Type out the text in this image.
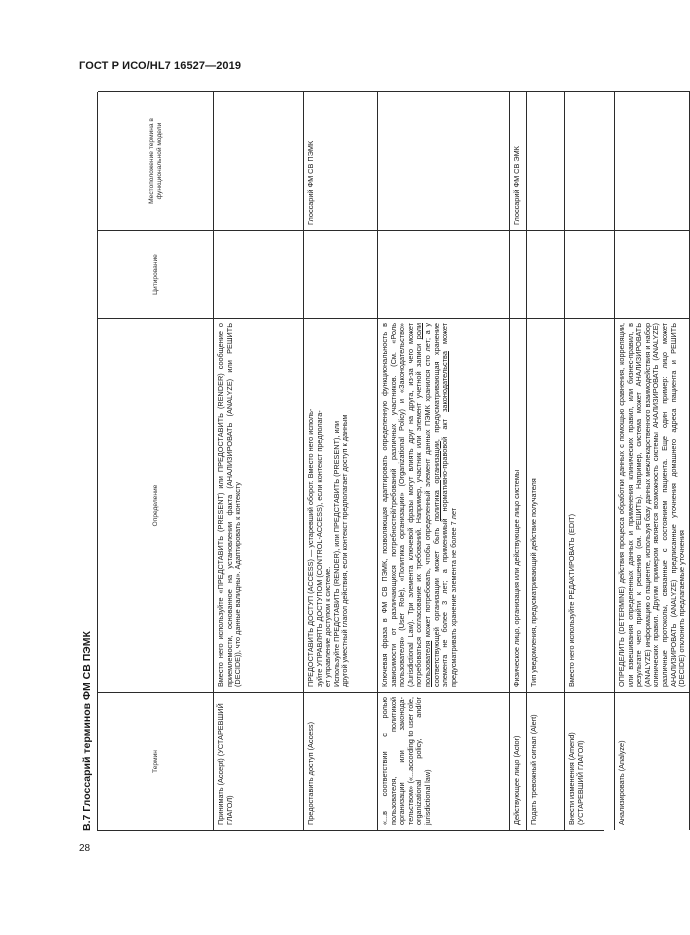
ГОСТ Р ИСО/HL7 16527—2019
В.7 Глоссарий терминов ФМ СВ ПЭМК	Термин
Определение
Цитирование
Местоположение термина в функциональной модели
Принимать (Accept) (УСТАРЕВШИЙ ГЛАГОЛ)
Вместо него используйте «ПРЕДСТАВИТЬ (PRESENT) или ПРЕДОСТАВИТЬ (RENDER) сообщение о приемлемости, основанное на установлении факта (АНАЛИЗИРОВАТЬ (ANALYZE) или РЕШИТЬ (DECIDE)), что данные валидны». Адаптировать к контексту
Предоставить доступ (Access)
ПРЕДОСТАВИТЬ ДОСТУП (ACCESS) — устаревший оборот. Вместо него исполь- зуйте УПРАВЛЯТЬ ДОСТУПОМ (CONTROL-ACCESS), если контекст предполага- ет управление доступом к системе. Используйте ПРЕДСТАВИТЬ (RENDER), или ПРЕДСТАВИТЬ (PRESENT), или другой уместный глагол действия, если контекст предполагает доступ к данным
Глоссарий ФМ СВ ПЭМК
«...в соответствии с ролью пользователя, политикой организации или законода-тельством» («...according to user role, organizational policy, and/or jurisdictional law)
Ключевая фраза в ФМ СВ ПЭМК, позволяющая адаптировать определенную функциональность в зависимости от различающихся потребностей/требований различных участников. (См. «Роль пользователя» (User Role), «Политика организации» (Organizational Policy) и «Законодательство» (Jurisdictional Law). Три элемента ключевой фразы могут влиять друг на друга, из-за чего может потребоваться согласование их требований. Например, участник или элемент учетной записи роли пользователя может потребовать, чтобы определенный элемент данных ПЭМК хранился сто лет; а у соответствующей организации может быть политика организации, предусматривающая хранение элемента не более 3 лет; а применимый нормативно-правовой акт законодательства может предусматривать хранение элемента не более 7 лет
Действующее лицо (Actor)
Физическое лицо, организация или действующее лицо системы
Глоссарий ФМ СВ ЭМК
Подать тревожный сигнал (Alert)
Тип уведомления, предусматривающий действие получателя
Внести изменения (Amend) (УСТАРЕВШИЙ ГЛАГОЛ)
Вместо него используйте РЕДАКТИРОВАТЬ (EDIT)
Анализировать (Analyze)
ОПРЕДЕЛИТЬ (DETERMINE) действия процесса обработки данных с помощью сравнения, корреляции, или взвешивания определенных данных и применения клинических правил, или бизнес-правил, в результате чего прийти к решению (см. РЕШИТЬ). Например, система может АНАЛИЗИРОВАТЬ (ANALYZE) информацию о пациенте, используя базу данных межлекарственного взаимодействия и набор клинических правил. Другим примером является возможность системы АНАЛИЗИРОВАТЬ (ANALYZE) различные протоколы, связанные с состоянием пациента. Еще один пример: лицо может АНАЛИЗИРОВАТЬ (ANALYZE) предписанные уточнения домашнего адреса пациента и РЕШИТЬ (DECIDE) отклонить предлагаемые уточнения
28
